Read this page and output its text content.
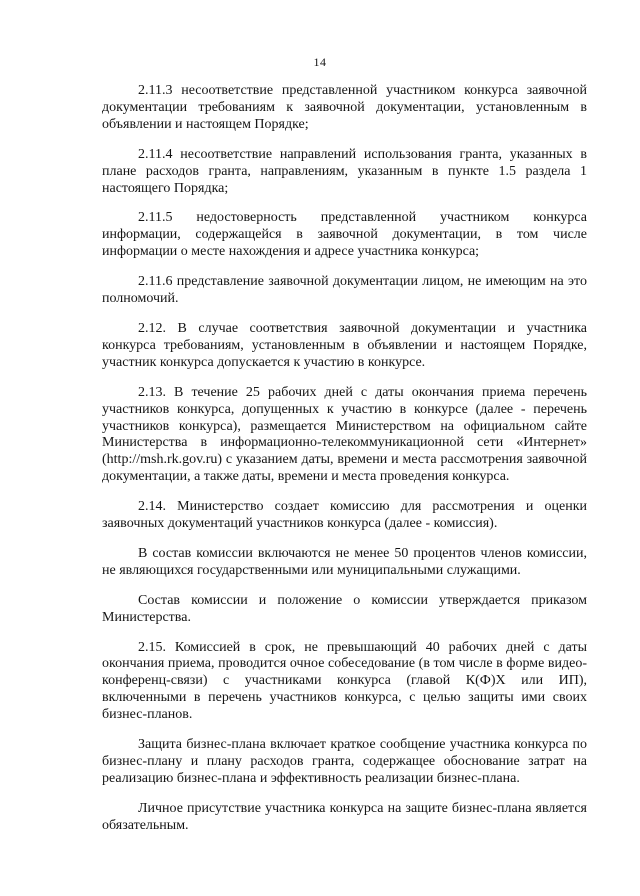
14

2.11.3 несоответствие представленной участником конкурса заявочной документации требованиям к заявочной документации, установленным в объявлении и настоящем Порядке;

2.11.4 несоответствие направлений использования гранта, указанных в плане расходов гранта, направлениям, указанным в пункте 1.5 раздела 1 настоящего Порядка;

2.11.5 недостоверность представленной участником конкурса информации, содержащейся в заявочной документации, в том числе информации о месте нахождения и адресе участника конкурса;

2.11.6 представление заявочной документации лицом, не имеющим на это полномочий.

2.12. В случае соответствия заявочной документации и участника конкурса требованиям, установленным в объявлении и настоящем Порядке, участник конкурса допускается к участию в конкурсе.

2.13. В течение 25 рабочих дней с даты окончания приема перечень участников конкурса, допущенных к участию в конкурсе (далее - перечень участников конкурса), размещается Министерством на официальном сайте Министерства в информационно-телекоммуникационной сети «Интернет» (http://msh.rk.gov.ru) с указанием даты, времени и места рассмотрения заявочной документации, а также даты, времени и места проведения конкурса.

2.14. Министерство создает комиссию для рассмотрения и оценки заявочных документаций участников конкурса (далее - комиссия).

В состав комиссии включаются не менее 50 процентов членов комиссии, не являющихся государственными или муниципальными служащими.

Состав комиссии и положение о комиссии утверждается приказом Министерства.

2.15. Комиссией в срок, не превышающий 40 рабочих дней с даты окончания приема, проводится очное собеседование (в том числе в форме видео-конференц-связи) с участниками конкурса (главой К(Ф)Х или ИП), включенными в перечень участников конкурса, с целью защиты ими своих бизнес-планов.

Защита бизнес-плана включает краткое сообщение участника конкурса по бизнес-плану и плану расходов гранта, содержащее обоснование затрат на реализацию бизнес-плана и эффективность реализации бизнес-плана.

Личное присутствие участника конкурса на защите бизнес-плана является обязательным.
